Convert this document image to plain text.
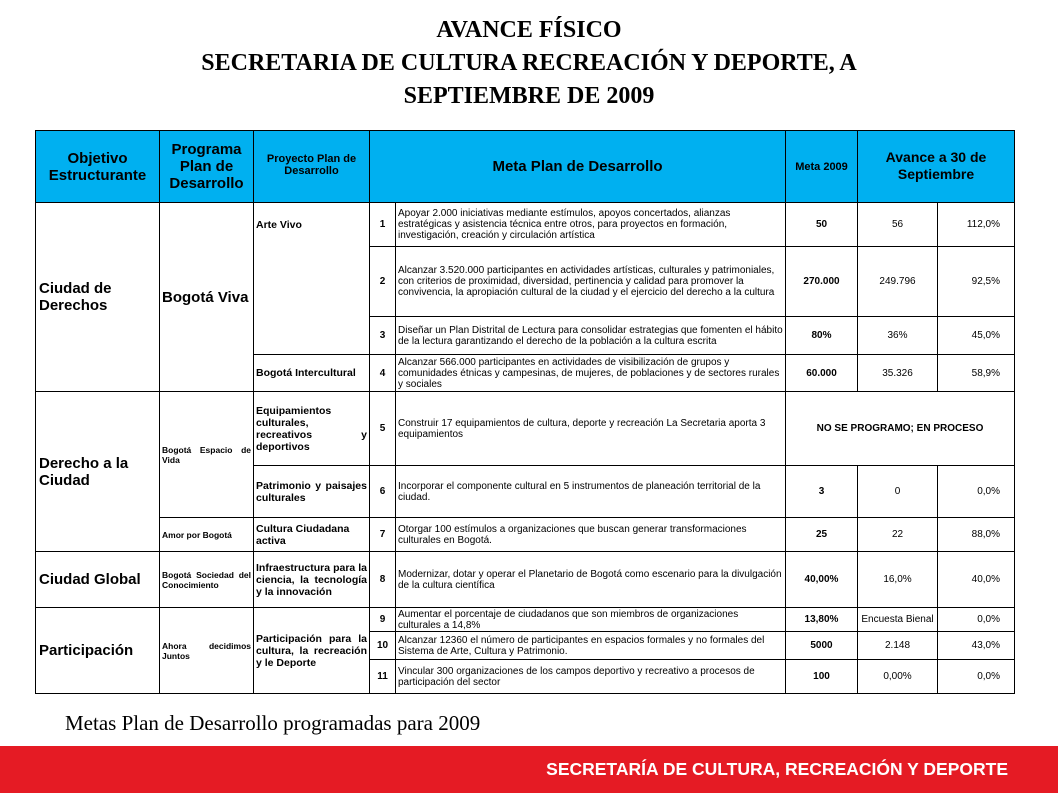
AVANCE FÍSICO
SECRETARIA DE CULTURA RECREACIÓN Y DEPORTE, A
SEPTIEMBRE DE 2009
Objetivo Estructurante	Programa Plan de Desarrollo	Proyecto Plan de Desarrollo	Meta Plan de Desarrollo		Meta 2009	Avance a 30 de Septiembre	
Ciudad de Derechos	Bogotá Viva	Arte Vivo	1	Apoyar 2.000 iniciativas mediante estímulos, apoyos concertados, alianzas estratégicas y asistencia técnica entre otros, para proyectos en formación, investigación, creación y circulación artística	50	56	112,0%
			2	Alcanzar 3.520.000 participantes en actividades artísticas, culturales y patrimoniales, con criterios de proximidad, diversidad, pertinencia y calidad para promover la convivencia, la apropiación cultural de la ciudad y el ejercicio del derecho a la cultura	270.000	249.796	92,5%
			3	Diseñar un Plan Distrital de Lectura para consolidar estrategias que fomenten el hábito de la lectura garantizando el derecho de la población a la cultura escrita	80%	36%	45,0%
		Bogotá Intercultural	4	Alcanzar 566.000 participantes en actividades de visibilización de grupos y comunidades étnicas y campesinas, de mujeres, de poblaciones y de sectores rurales y sociales	60.000	35.326	58,9%
Derecho a la Ciudad	Bogotá Espacio de Vida	Equipamientos culturales, recreativos y deportivos	5	Construir 17 equipamientos de cultura, deporte y recreación La Secretaria aporta 3 equipamientos	NO SE PROGRAMO; EN PROCESO		
		Patrimonio y paisajes culturales	6	Incorporar el componente cultural en 5 instrumentos de planeación territorial de la ciudad.	3	0	0,0%
	Amor por Bogotá	Cultura Ciudadana activa	7	Otorgar 100 estímulos a organizaciones que buscan generar transformaciones culturales en Bogotá.	25	22	88,0%
Ciudad Global	Bogotá Sociedad del Conocimiento	Infraestructura para la ciencia, la tecnología y la innovación	8	Modernizar, dotar y operar el Planetario de Bogotá como escenario para la divulgación de la cultura científica	40,00%	16,0%	40,0%
Participación	Ahora decidimos Juntos	Participación para la cultura, la recreación y le Deporte	9	Aumentar el porcentaje de ciudadanos que son miembros de organizaciones culturales a 14,8%	13,80%	Encuesta Bienal	0,0%
			10	Alcanzar 12360 el número de participantes en espacios formales y no formales del Sistema de Arte, Cultura y Patrimonio.	5000	2.148	43,0%
			11	Vincular 300 organizaciones de los campos deportivo y recreativo a procesos de participación del sector	100	0,00%	0,0%
Metas Plan de Desarrollo programadas para 2009
SECRETARÍA DE CULTURA, RECREACIÓN Y DEPORTE
